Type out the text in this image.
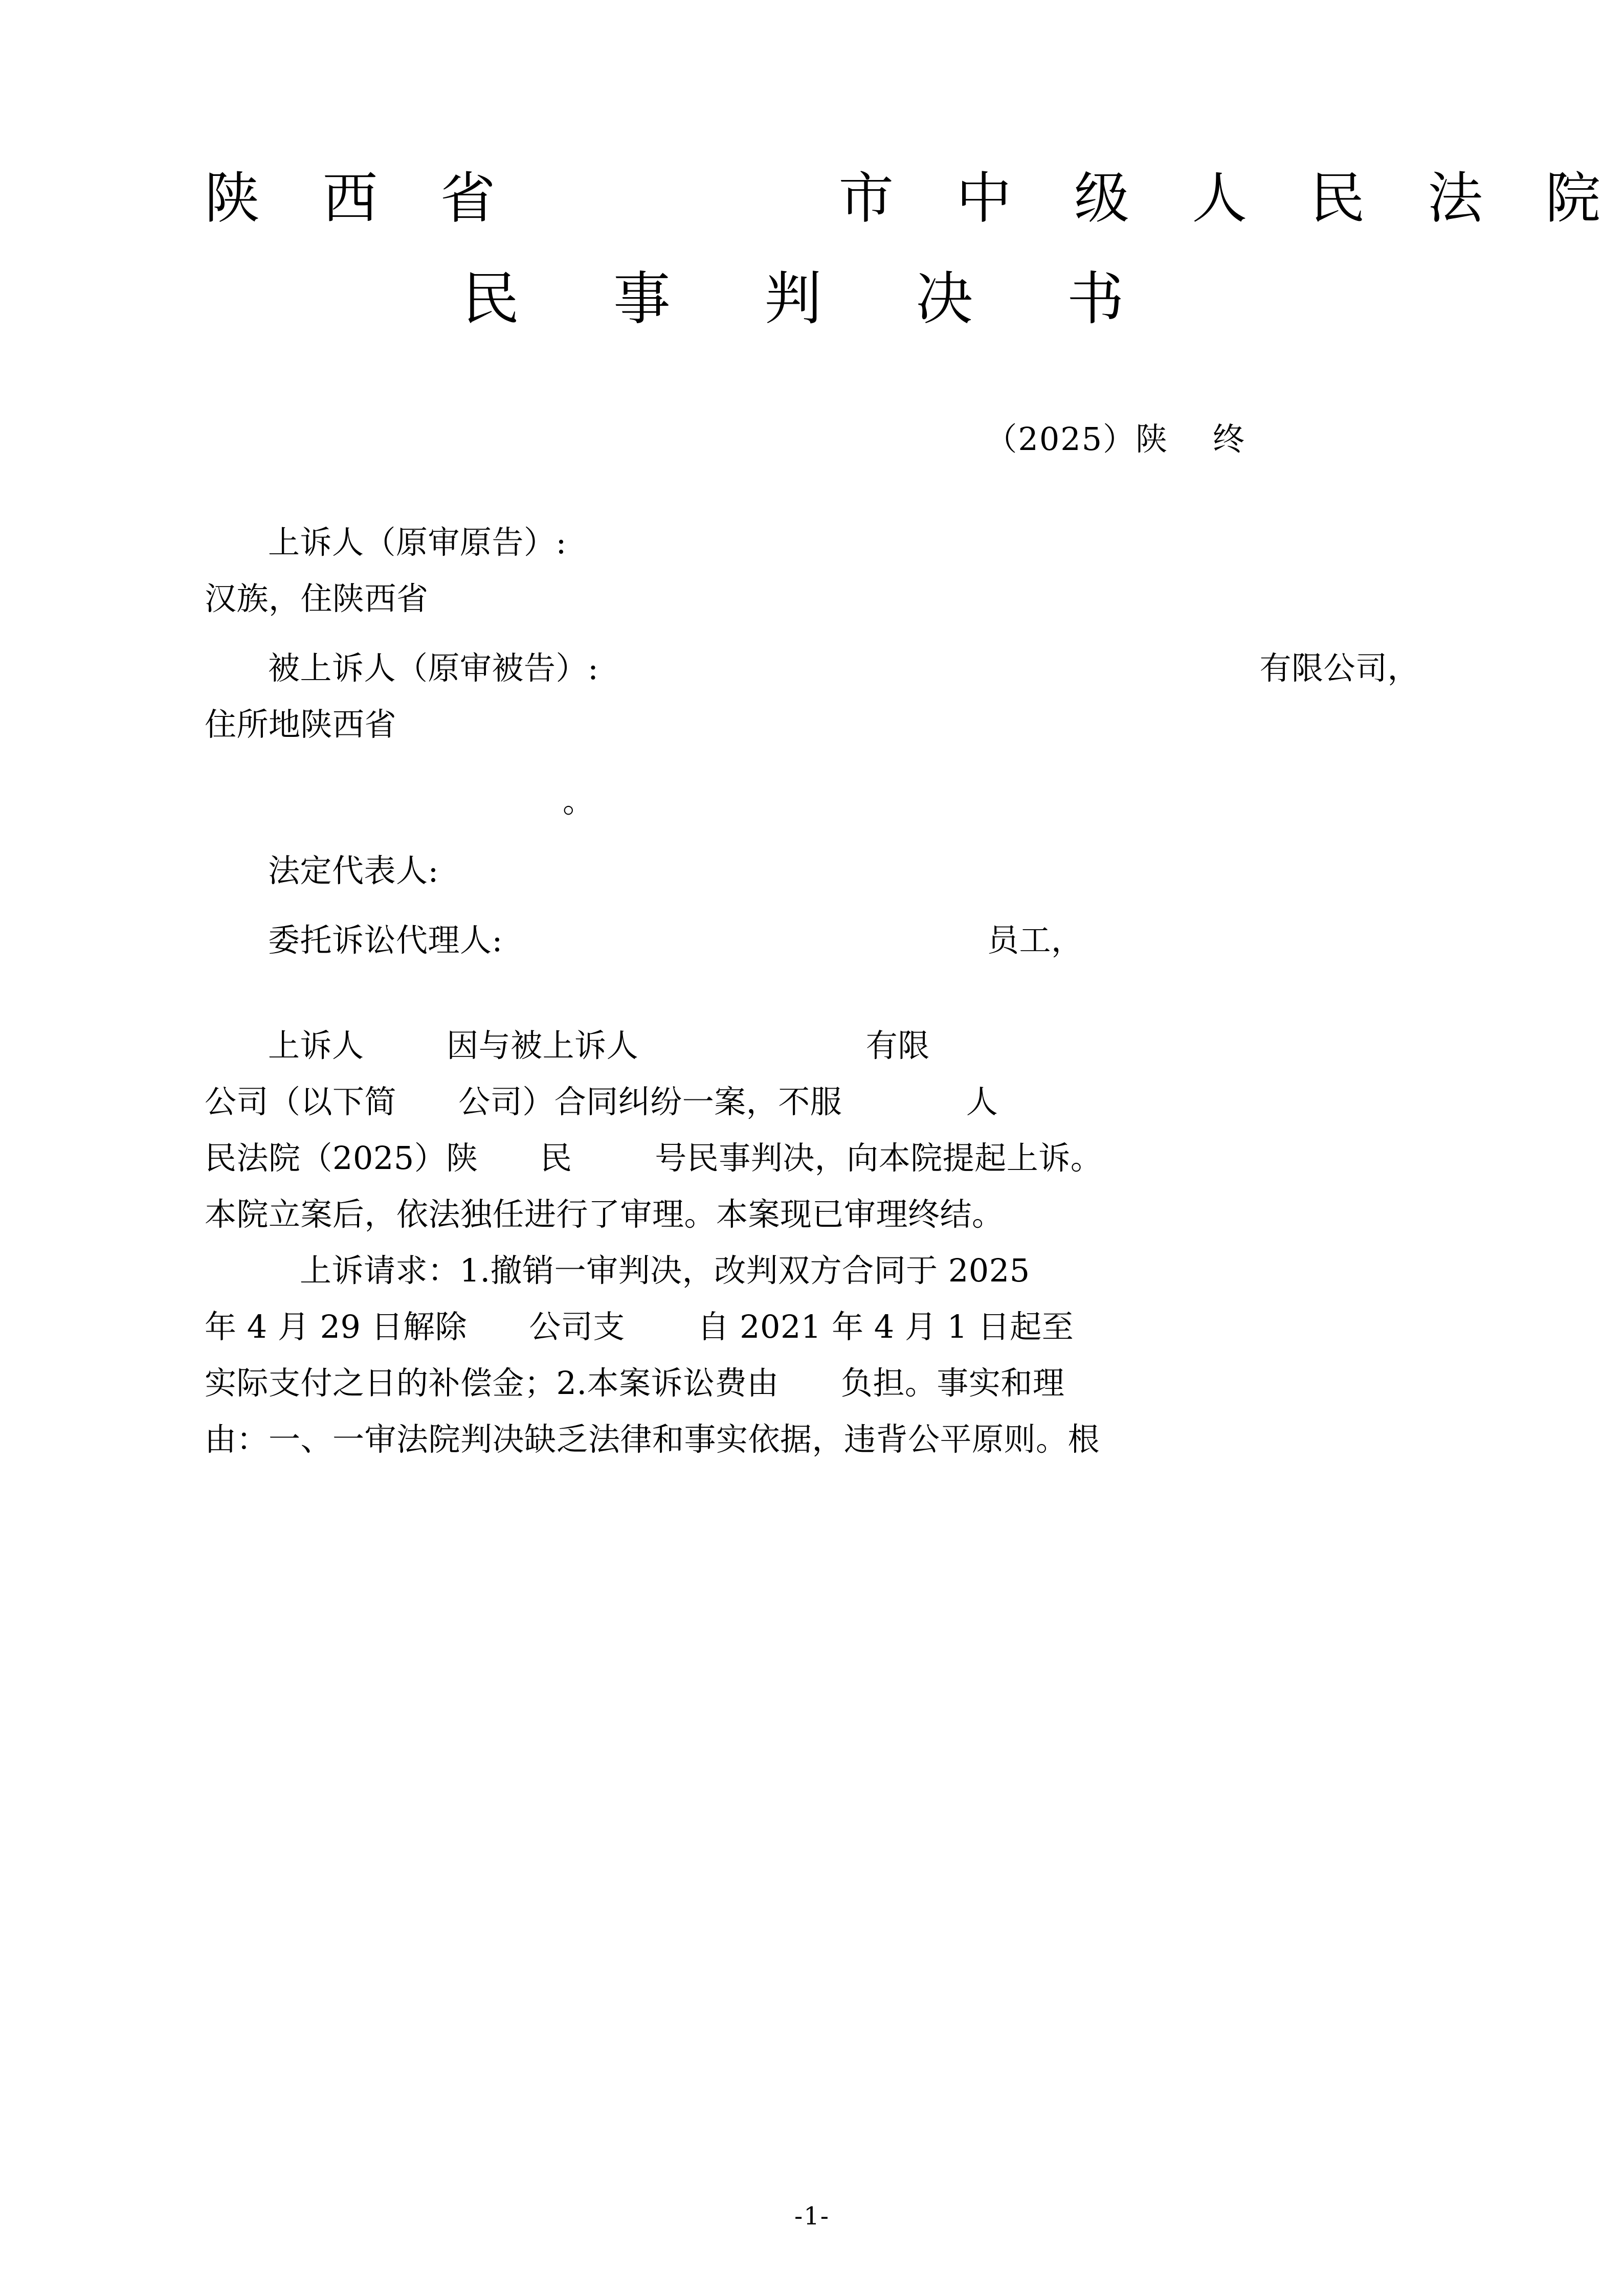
陕 西 省        市 中 级 人 民 法 院
民 事 判 决 书
（2025）陕    终

上诉人（原审原告）:

汉族，住陕西省

被上诉人（原审被告）:	有限公司，

住所地陕西省

。

法定代表人:

委托诉讼代理人:	员工，

上诉人        因与被上诉人                      有限

公司（以下简      公司）合同纠纷一案，不服            人

民法院（2025）陕      民        号民事判决，向本院提起上诉。

本院立案后，依法独任进行了审理。本案现已审理终结。

上诉请求：1.撤销一审判决，改判双方合同于 2025

年 4 月 29 日解除      公司支       自 2021 年 4 月 1 日起至

实际支付之日的补偿金；2.本案诉讼费由      负担。事实和理

由：一、一审法院判决缺乏法律和事实依据，违背公平原则。根

-1-
